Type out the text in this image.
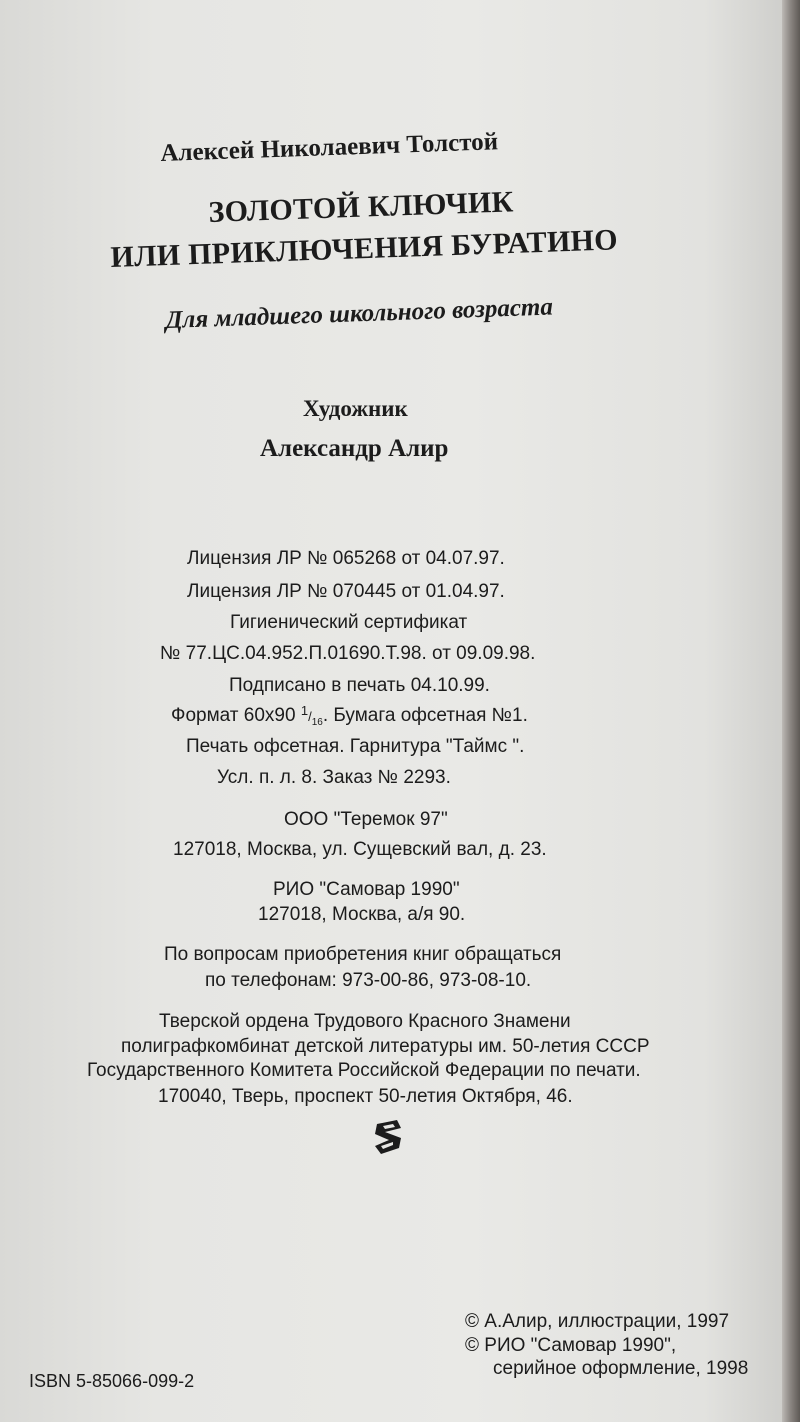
Алексей Николаевич Толстой
ЗОЛОТОЙ КЛЮЧИК
ИЛИ ПРИКЛЮЧЕНИЯ БУРАТИНО
Для младшего школьного возраста
Художник
Александр Алир
Лицензия ЛР № 065268 от 04.07.97.
Лицензия ЛР № 070445 от 01.04.97.
Гигиенический сертификат
№ 77.ЦС.04.952.П.01690.Т.98. от 09.09.98.
Подписано в печать 04.10.99.
Формат 60х90 $1/_{16}$. Бумага офсетная №1.
Печать офсетная. Гарнитура "Таймс ".
Усл. п. л. 8. Заказ № 2293.
ООО "Теремок 97"
127018, Москва, ул. Сущевский вал, д. 23.
РИО "Самовар 1990"
127018, Москва, а/я 90.
По вопросам приобретения книг обращаться
по телефонам: 973-00-86, 973-08-10.
Тверской ордена Трудового Красного Знамени
полиграфкомбинат детской литературы им. 50-летия СССР
Государственного Комитета Российской Федерации по печати.
170040, Тверь, проспект 50-летия Октября, 46.
ISBN 5-85066-099-2
© А.Алир, иллюстрации, 1997
© РИО "Самовар 1990",
серийное оформление, 1998
